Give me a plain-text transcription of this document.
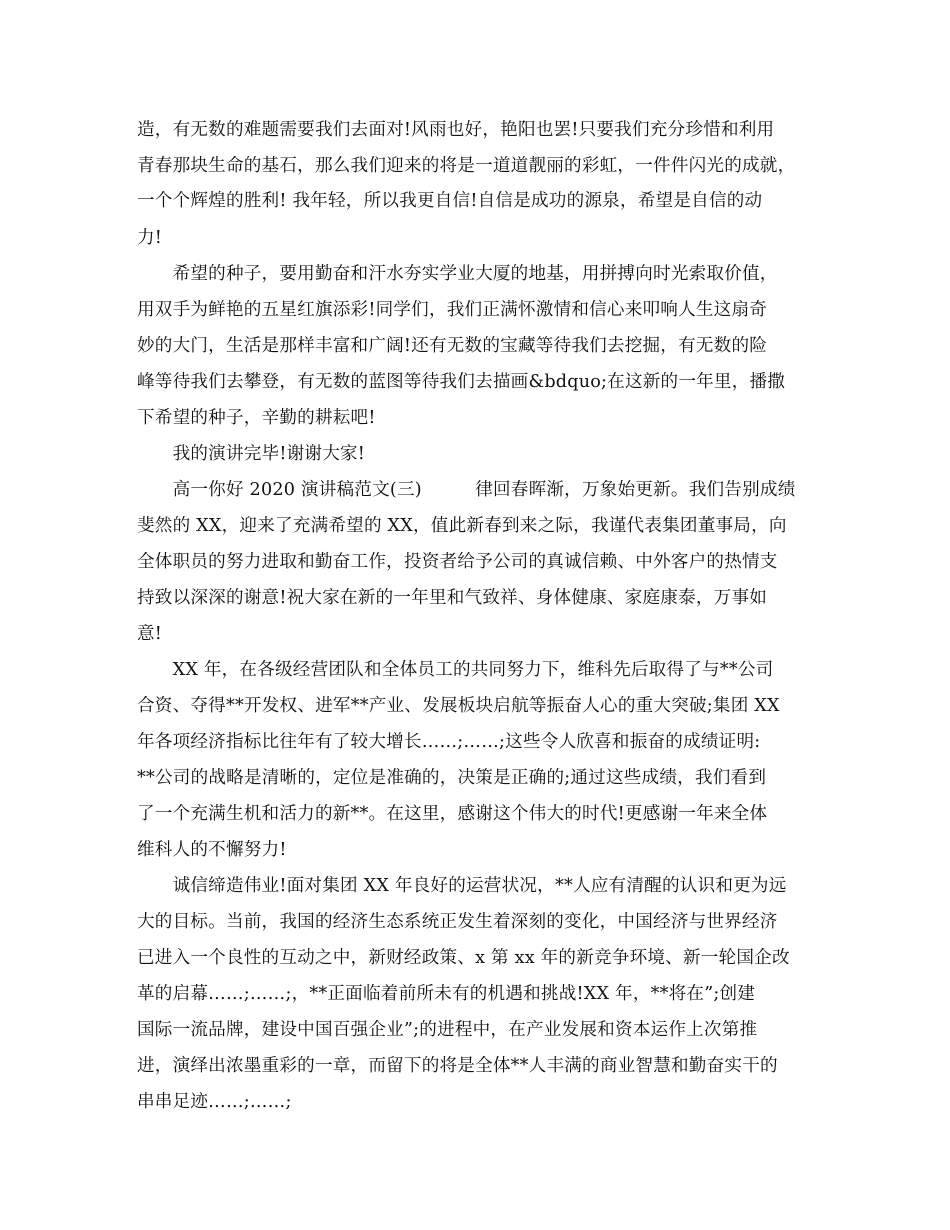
造，有无数的难题需要我们去面对!风雨也好，艳阳也罢!只要我们充分珍惜和利用
青春那块生命的基石，那么我们迎来的将是一道道靓丽的彩虹，一件件闪光的成就，
一个个辉煌的胜利! 我年轻，所以我更自信!自信是成功的源泉，希望是自信的动
力!
　　希望的种子，要用勤奋和汗水夯实学业大厦的地基，用拼搏向时光索取价值，
用双手为鲜艳的五星红旗添彩!同学们，我们正满怀激情和信心来叩响人生这扇奇
妙的大门，生活是那样丰富和广阔!还有无数的宝藏等待我们去挖掘，有无数的险
峰等待我们去攀登，有无数的蓝图等待我们去描画&bdquo;在这新的一年里，播撒
下希望的种子，辛勤的耕耘吧!
　　我的演讲完毕!谢谢大家!
　　高一你好 2020 演讲稿范文(三)　　　律回春晖渐，万象始更新。我们告别成绩
斐然的 XX，迎来了充满希望的 XX，值此新春到来之际，我谨代表集团董事局，向
全体职员的努力进取和勤奋工作，投资者给予公司的真诚信赖、中外客户的热情支
持致以深深的谢意!祝大家在新的一年里和气致祥、身体健康、家庭康泰，万事如
意!
　　XX 年，在各级经营团队和全体员工的共同努力下，维科先后取得了与**公司
合资、夺得**开发权、进军**产业、发展板块启航等振奋人心的重大突破;集团 XX
年各项经济指标比往年有了较大增长……;……;这些令人欣喜和振奋的成绩证明:
**公司的战略是清晰的，定位是准确的，决策是正确的;通过这些成绩，我们看到
了一个充满生机和活力的新**。在这里，感谢这个伟大的时代!更感谢一年来全体
维科人的不懈努力!
　　诚信缔造伟业!面对集团 XX 年良好的运营状况，**人应有清醒的认识和更为远
大的目标。当前，我国的经济生态系统正发生着深刻的变化，中国经济与世界经济
已进入一个良性的互动之中，新财经政策、x 第 xx 年的新竞争环境、新一轮国企改
革的启幕……;……;，**正面临着前所未有的机遇和挑战!XX 年，**将在”;创建
国际一流品牌，建设中国百强企业”;的进程中，在产业发展和资本运作上次第推
进，演绎出浓墨重彩的一章，而留下的将是全体**人丰满的商业智慧和勤奋实干的
串串足迹……;……;
